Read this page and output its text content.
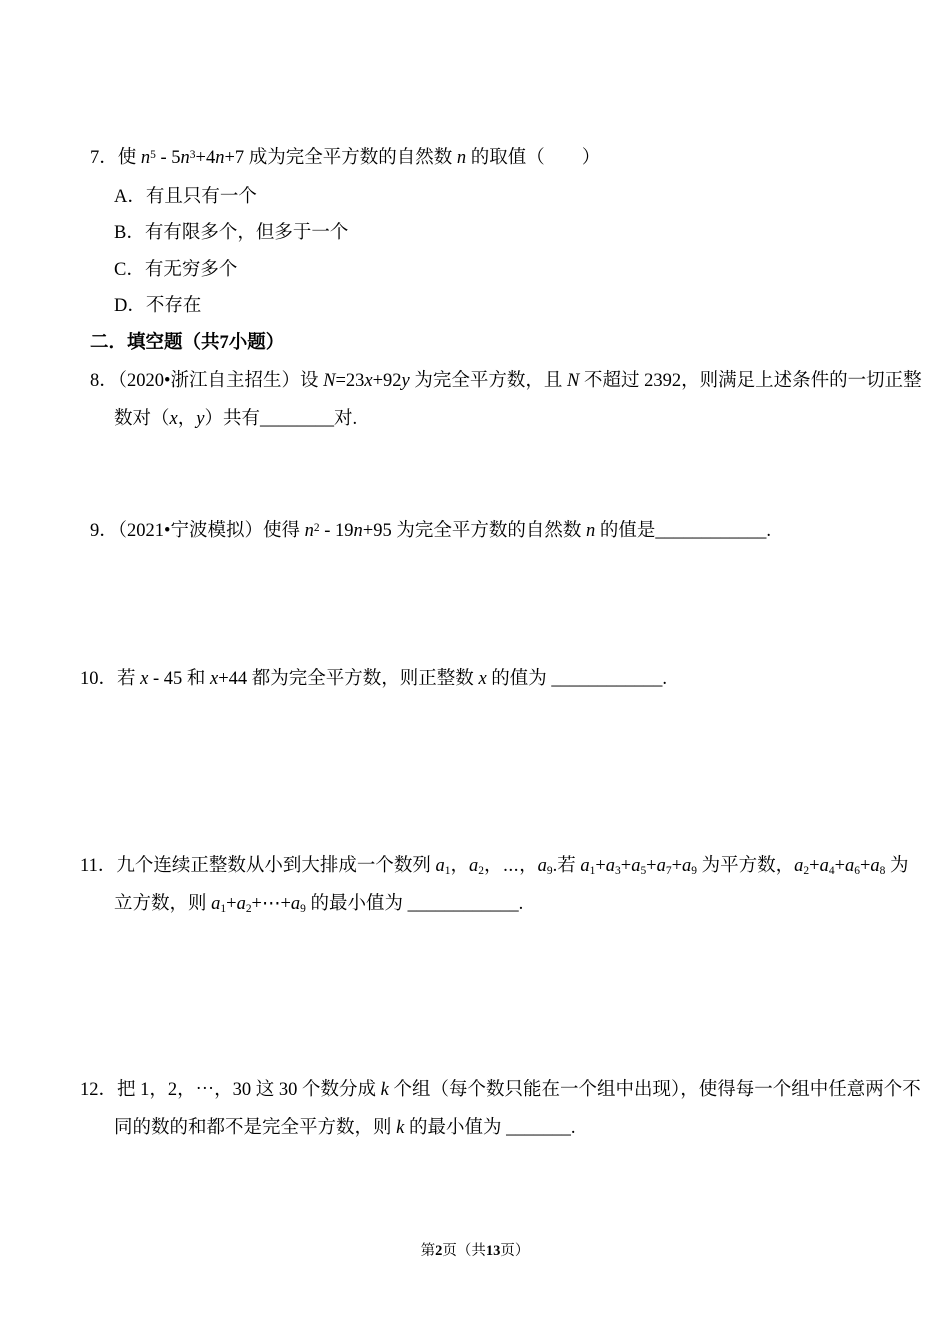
7．使 $n^5 - 5n^3+4n+7$ 成为完全平方数的自然数 n 的取值（　　）
A．有且只有一个
B．有有限多个，但多于一个
C．有无穷多个
D．不存在
二．填空题（共7小题）
8．（2020•浙江自主招生）设 N=23x+92y 为完全平方数，且 N 不超过 2392，则满足上述条件的一切正整
数对（x，y）共有________对.
9．（2021•宁波模拟）使得 $n^2 - 19n+95$ 为完全平方数的自然数 n 的值是____________.
10．若 x - 45 和 x+44 都为完全平方数，则正整数 x 的值为 ____________.
11．九个连续正整数从小到大排成一个数列 $a_1$，$a_2$，⋯，$a_9$.若 $a_1+a_3+a_5+a_7+a_9$ 为平方数，$a_2+a_4+a_6+a_8$ 为
立方数，则 $a_1+a_2+\cdots+a_9$ 的最小值为 ____________.
12．把 1，2，⋯，30 这 30 个数分成 k 个组（每个数只能在一个组中出现），使得每一个组中任意两个不
同的数的和都不是完全平方数，则 k 的最小值为 _______.
第2页（共13页）
